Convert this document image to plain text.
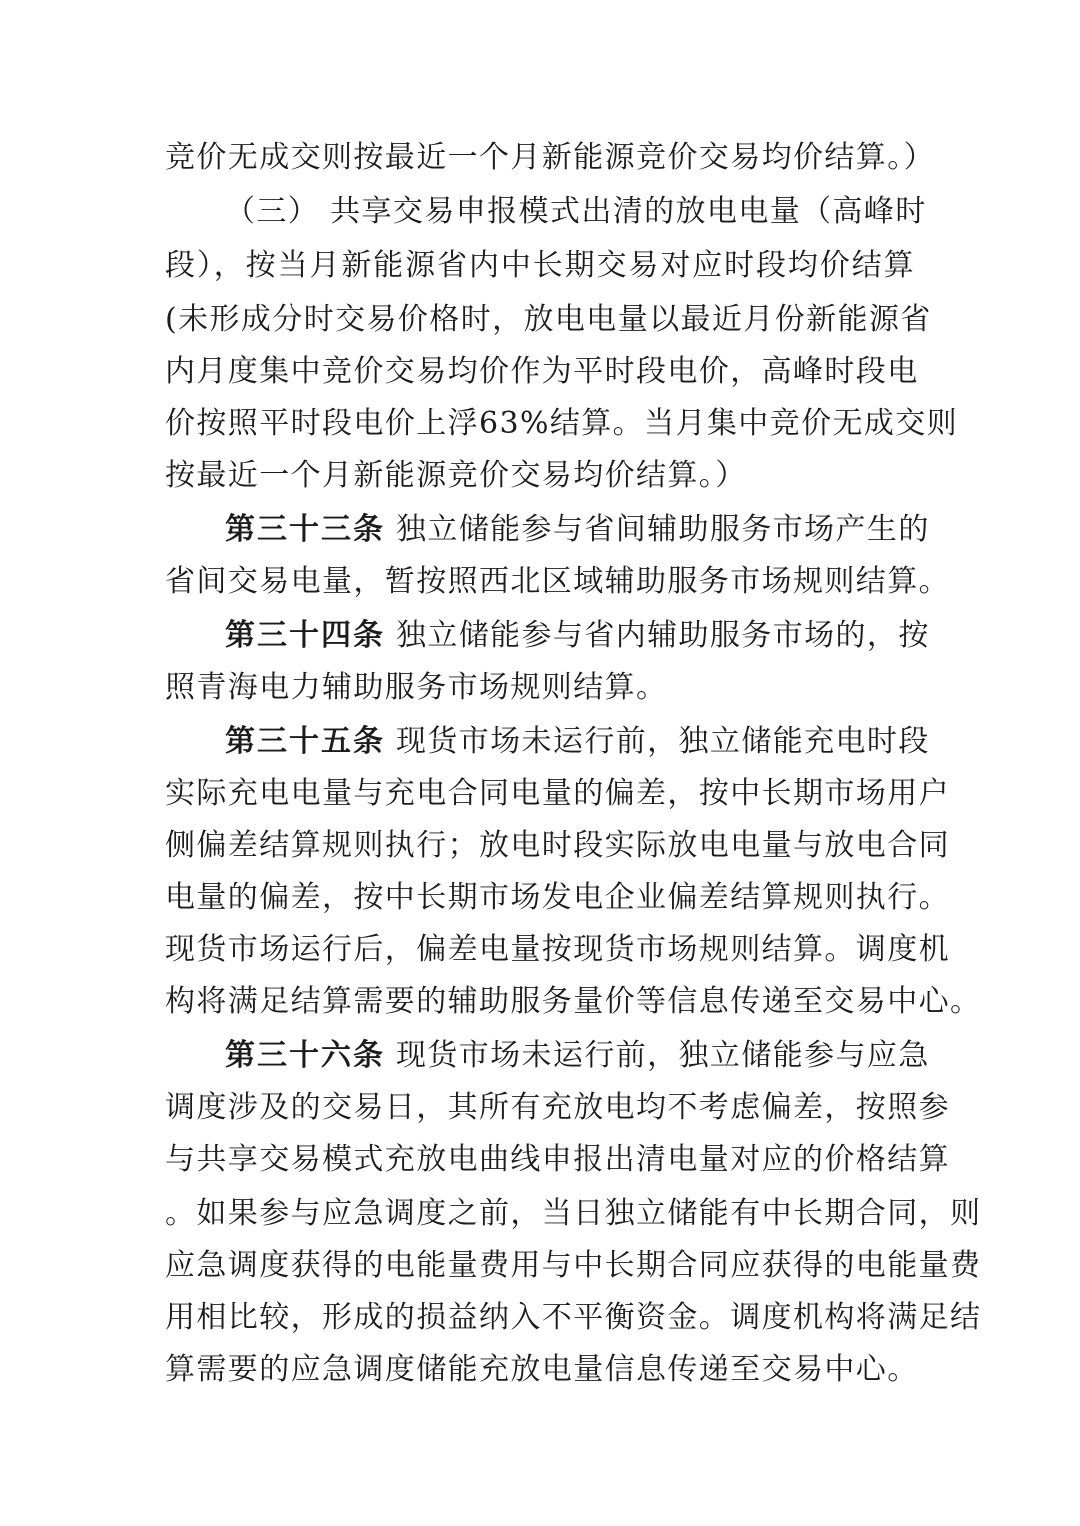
竞价无成交则按最近一个月新能源竞价交易均价结算。）
（三） 共享交易申报模式出清的放电电量（高峰时
段），按当月新能源省内中长期交易对应时段均价结算
(未形成分时交易价格时，放电电量以最近月份新能源省
内月度集中竞价交易均价作为平时段电价，高峰时段电
价按照平时段电价上浮63%结算。当月集中竞价无成交则
按最近一个月新能源竞价交易均价结算。）
第三十三条 独立储能参与省间辅助服务市场产生的
省间交易电量，暂按照西北区域辅助服务市场规则结算。
第三十四条 独立储能参与省内辅助服务市场的，按
照青海电力辅助服务市场规则结算。
第三十五条 现货市场未运行前，独立储能充电时段
实际充电电量与充电合同电量的偏差，按中长期市场用户
侧偏差结算规则执行；放电时段实际放电电量与放电合同
电量的偏差，按中长期市场发电企业偏差结算规则执行。
现货市场运行后，偏差电量按现货市场规则结算。调度机
构将满足结算需要的辅助服务量价等信息传递至交易中心。
第三十六条 现货市场未运行前，独立储能参与应急
调度涉及的交易日，其所有充放电均不考虑偏差，按照参
与共享交易模式充放电曲线申报出清电量对应的价格结算
。如果参与应急调度之前，当日独立储能有中长期合同，则
应急调度获得的电能量费用与中长期合同应获得的电能量费
用相比较，形成的损益纳入不平衡资金。调度机构将满足结
算需要的应急调度储能充放电量信息传递至交易中心。
